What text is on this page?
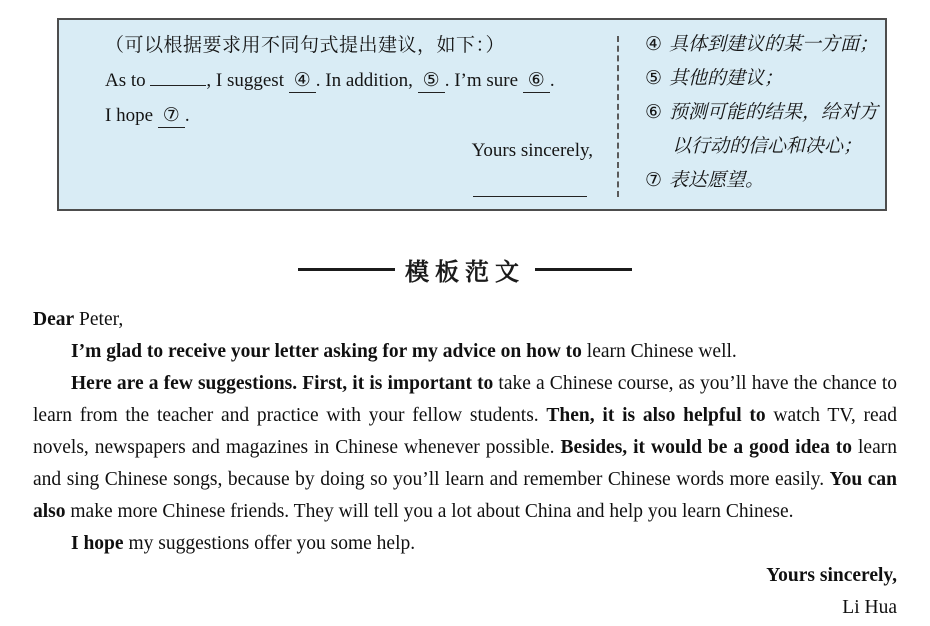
（可以根据要求用不同句式提出建议，如下：）
As to	, I suggest ④ . In addition, ⑤ . I’m sure ⑥ .
I hope ⑦ .
Yours sincerely,
④ 具体到建议的某一方面；
⑤ 其他的建议；
⑥ 预测可能的结果，给对方以行动的信心和决心；
⑦ 表达愿望。
模板范文

Dear Peter,

I’m glad to receive your letter asking for my advice on how to learn Chinese well.

Here are a few suggestions. First, it is important to take a Chinese course, as you’ll have the chance to learn from the teacher and practice with your fellow students. Then, it is also helpful to watch TV, read novels, newspapers and magazines in Chinese whenever possible. Besides, it would be a good idea to learn and sing Chinese songs, because by doing so you’ll learn and remember Chinese words more easily. You can also make more Chinese friends. They will tell you a lot about China and help you learn Chinese.

I hope my suggestions offer you some help.

Yours sincerely,

Li Hua
